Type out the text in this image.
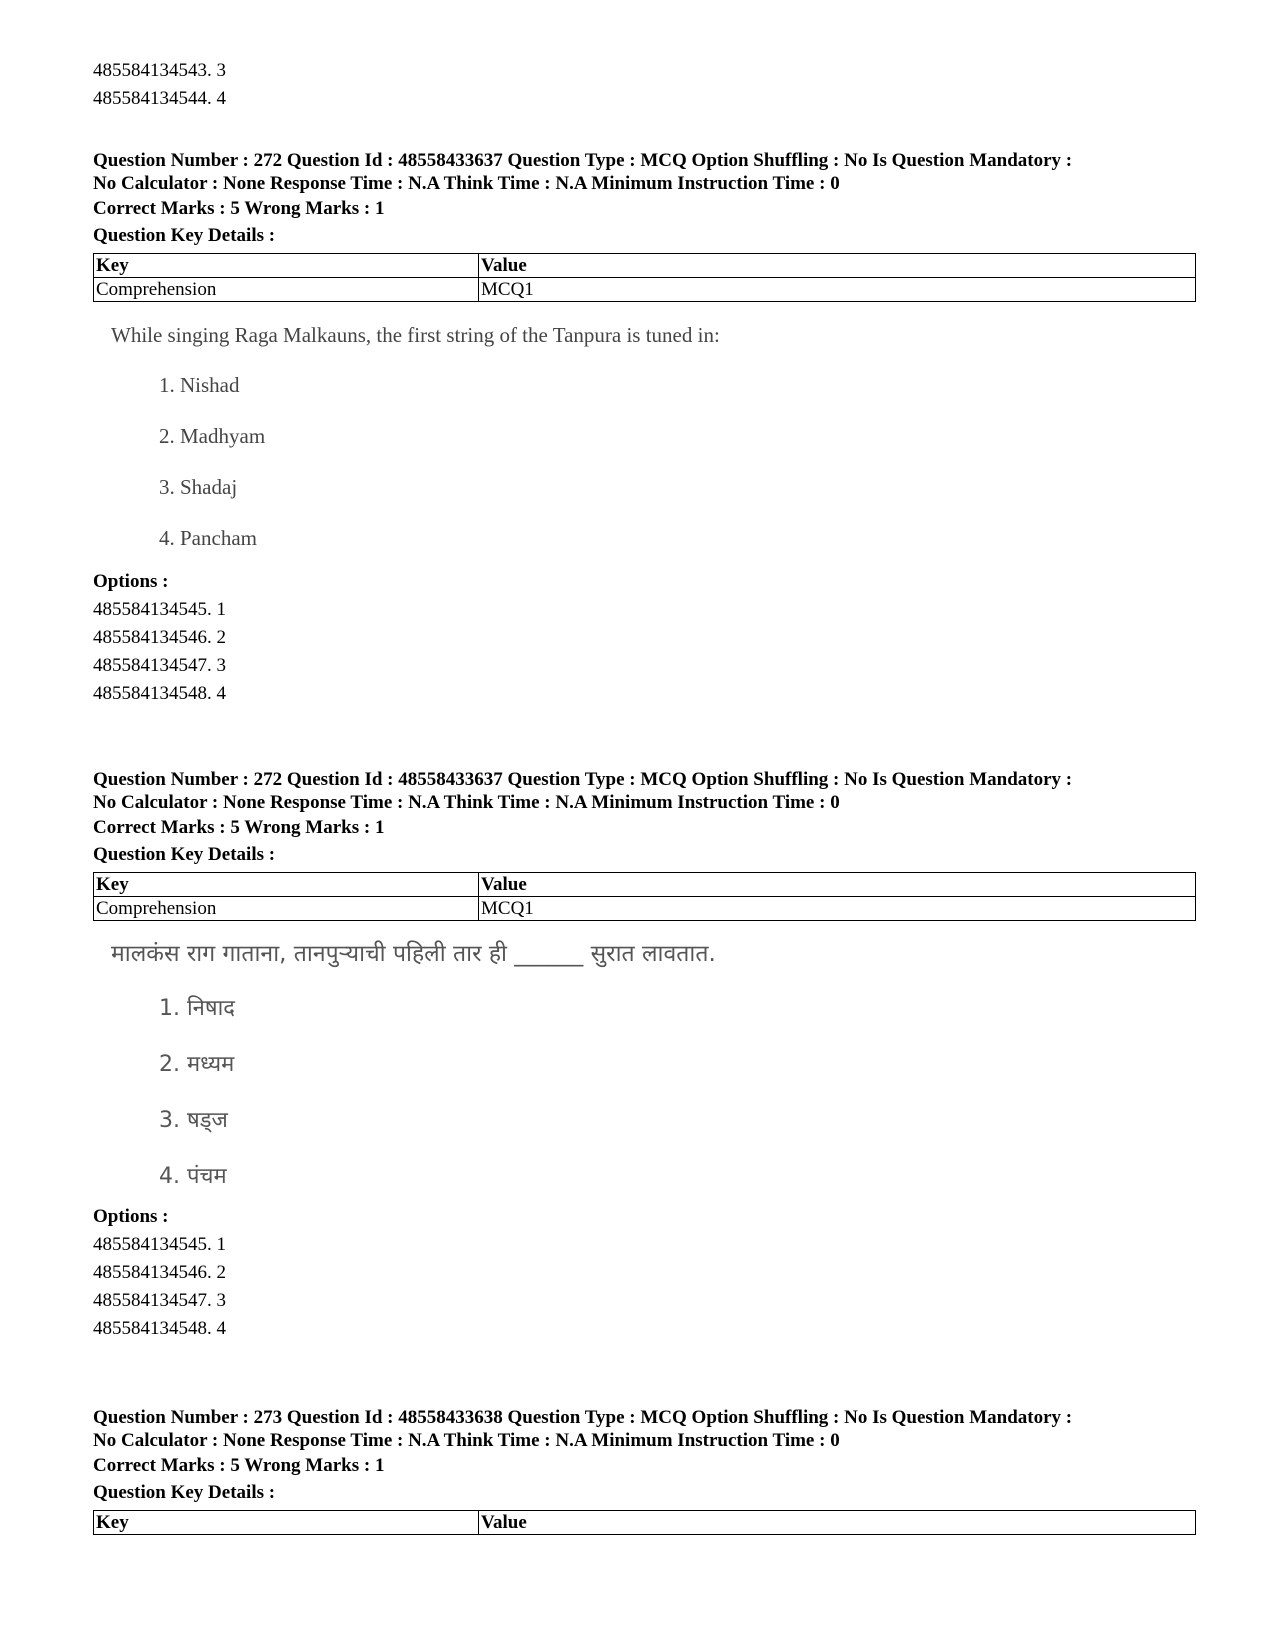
485584134543. 3

485584134544. 4

Question Number : 272 Question Id : 48558433637 Question Type : MCQ Option Shuffling : No Is Question Mandatory :

No Calculator : None Response Time : N.A Think Time : N.A Minimum Instruction Time : 0

Correct Marks : 5 Wrong Marks : 1

Question Key Details :

Key	Value
Comprehension	MCQ1

While singing Raga Malkauns, the first string of the Tanpura is tuned in:

1. Nishad

2. Madhyam

3. Shadaj

4. Pancham

Options :

485584134545. 1

485584134546. 2

485584134547. 3

485584134548. 4

Question Number : 272 Question Id : 48558433637 Question Type : MCQ Option Shuffling : No Is Question Mandatory :

No Calculator : None Response Time : N.A Think Time : N.A Minimum Instruction Time : 0

Correct Marks : 5 Wrong Marks : 1

Question Key Details :

Key	Value
Comprehension	MCQ1

मालकंस राग गाताना, तानपुऱ्याची पहिली तार ही ______ सुरात लावतात.

1. निषाद

2. मध्यम

3. षड्ज

4. पंचम

Options :

485584134545. 1

485584134546. 2

485584134547. 3

485584134548. 4

Question Number : 273 Question Id : 48558433638 Question Type : MCQ Option Shuffling : No Is Question Mandatory :

No Calculator : None Response Time : N.A Think Time : N.A Minimum Instruction Time : 0

Correct Marks : 5 Wrong Marks : 1

Question Key Details :

Key	Value
